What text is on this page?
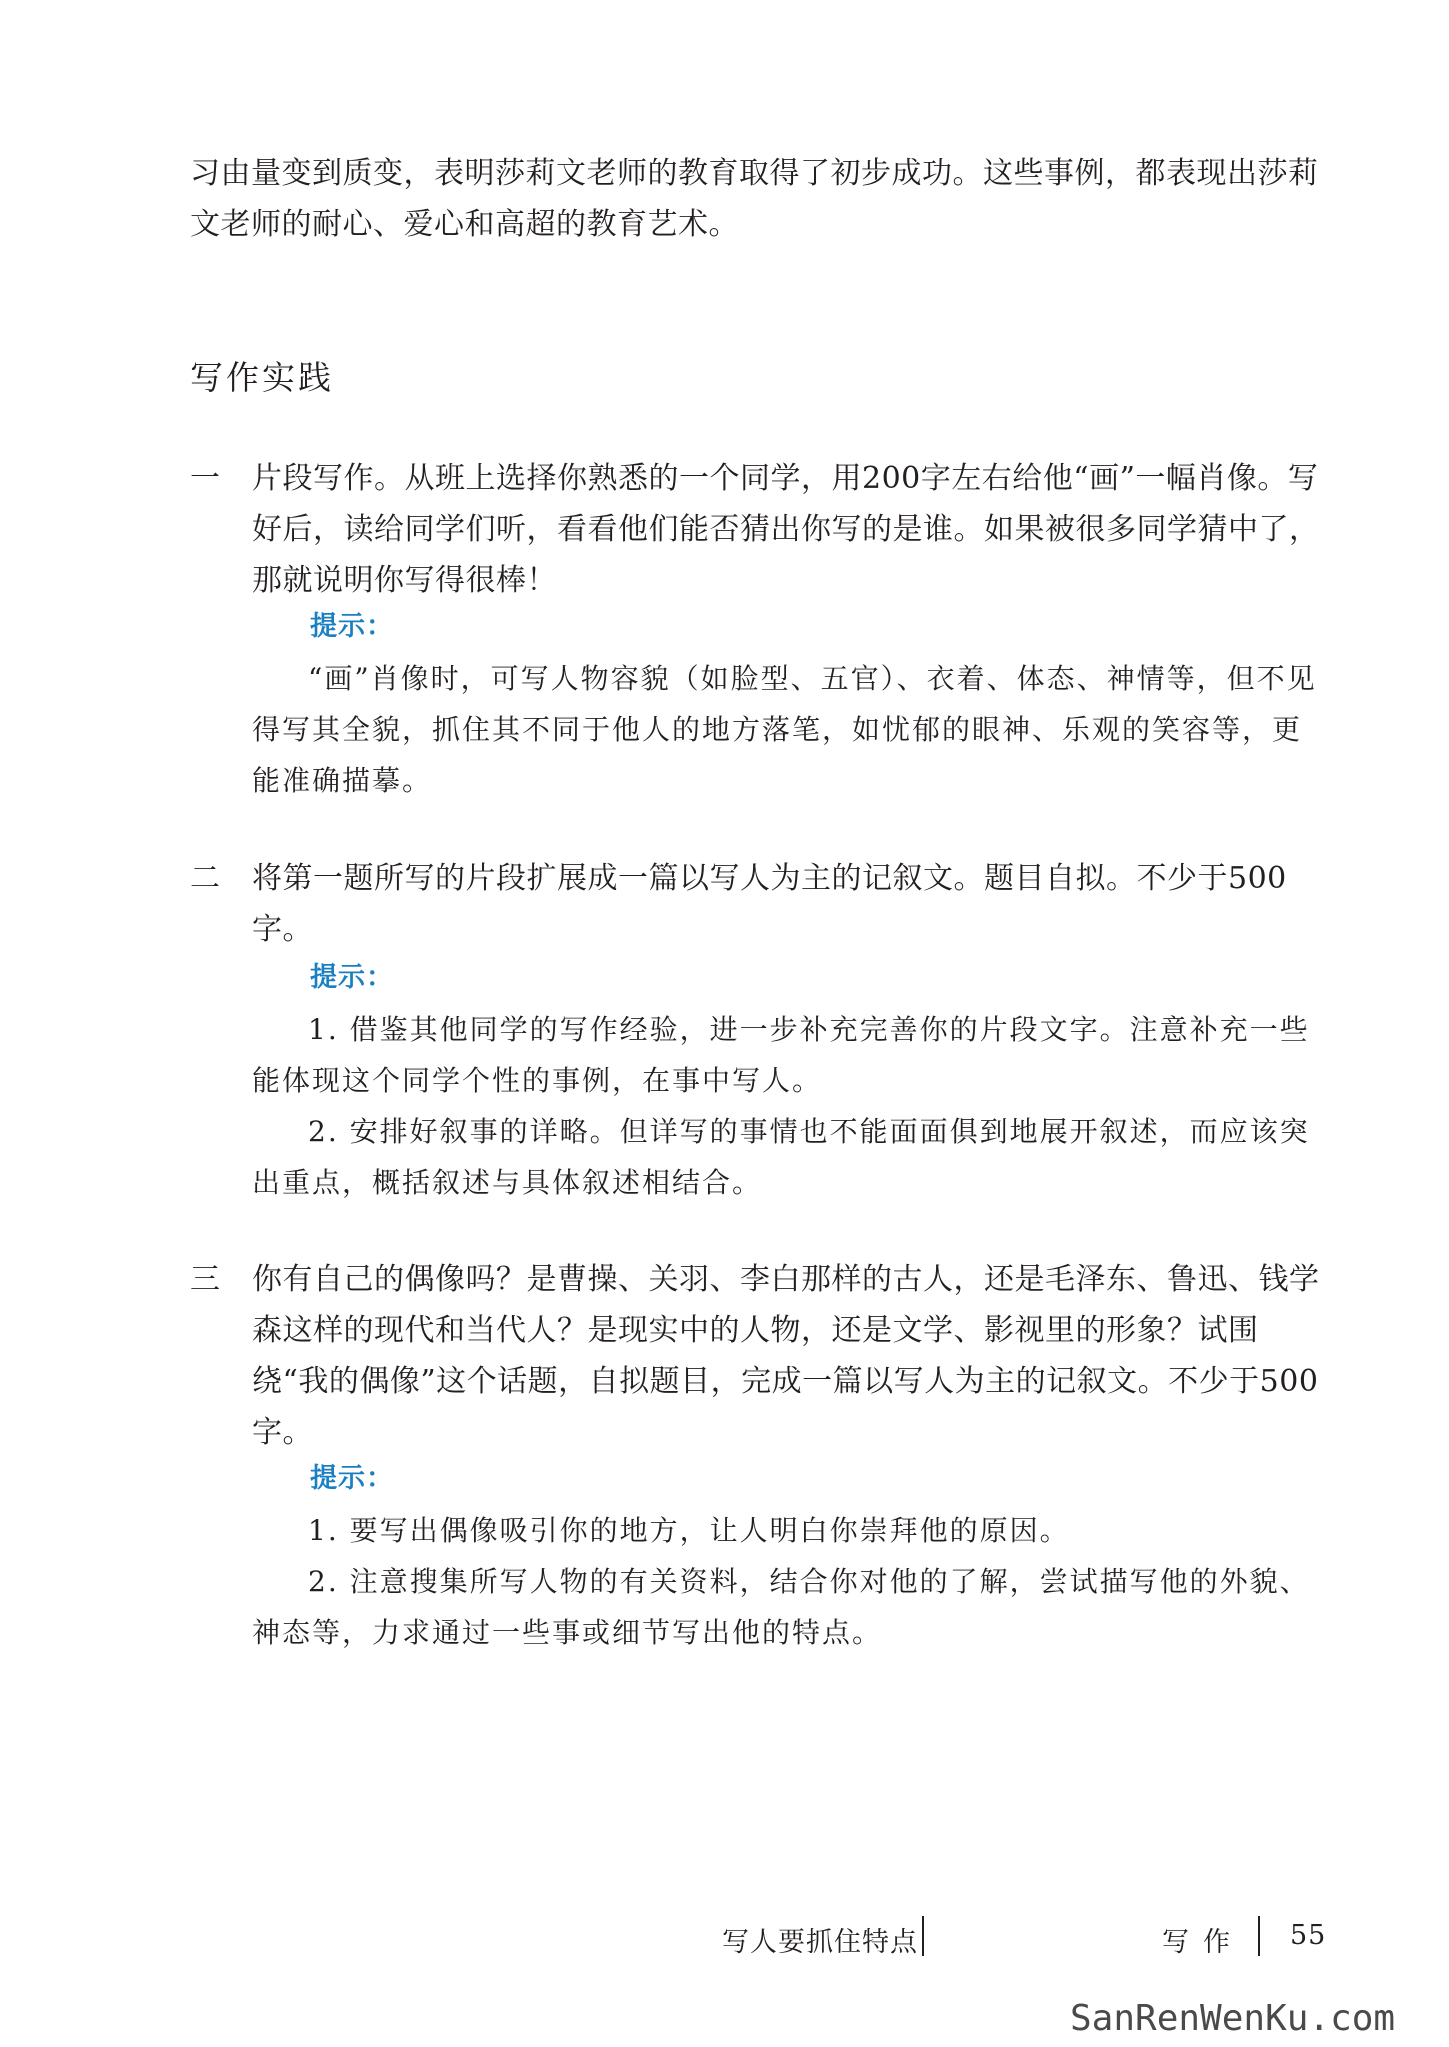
习由量变到质变，表明莎莉文老师的教育取得了初步成功。这些事例，都表现出莎莉文老师的耐心、爱心和高超的教育艺术。

写作实践
一 片段写作。从班上选择你熟悉的一个同学，用200字左右给他“画”一幅肖像。写好后，读给同学们听，看看他们能否猜出你写的是谁。如果被很多同学猜中了，那就说明你写得很棒！

提示：

“画”肖像时，可写人物容貌（如脸型、五官）、衣着、体态、神情等，但不见得写其全貌，抓住其不同于他人的地方落笔，如忧郁的眼神、乐观的笑容等，更能准确描摹。

二 将第一题所写的片段扩展成一篇以写人为主的记叙文。题目自拟。不少于500字。

提示：

1. 借鉴其他同学的写作经验，进一步补充完善你的片段文字。注意补充一些能体现这个同学个性的事例，在事中写人。

2. 安排好叙事的详略。但详写的事情也不能面面俱到地展开叙述，而应该突出重点，概括叙述与具体叙述相结合。

三 你有自己的偶像吗？是曹操、关羽、李白那样的古人，还是毛泽东、鲁迅、钱学森这样的现代和当代人？是现实中的人物，还是文学、影视里的形象？试围绕“我的偶像”这个话题，自拟题目，完成一篇以写人为主的记叙文。不少于500字。

提示：

1. 要写出偶像吸引你的地方，让人明白你崇拜他的原因。

2. 注意搜集所写人物的有关资料，结合你对他的了解，尝试描写他的外貌、神态等，力求通过一些事或细节写出他的特点。

写人要抓住特点	写作 55
SanRenWenKu.com
